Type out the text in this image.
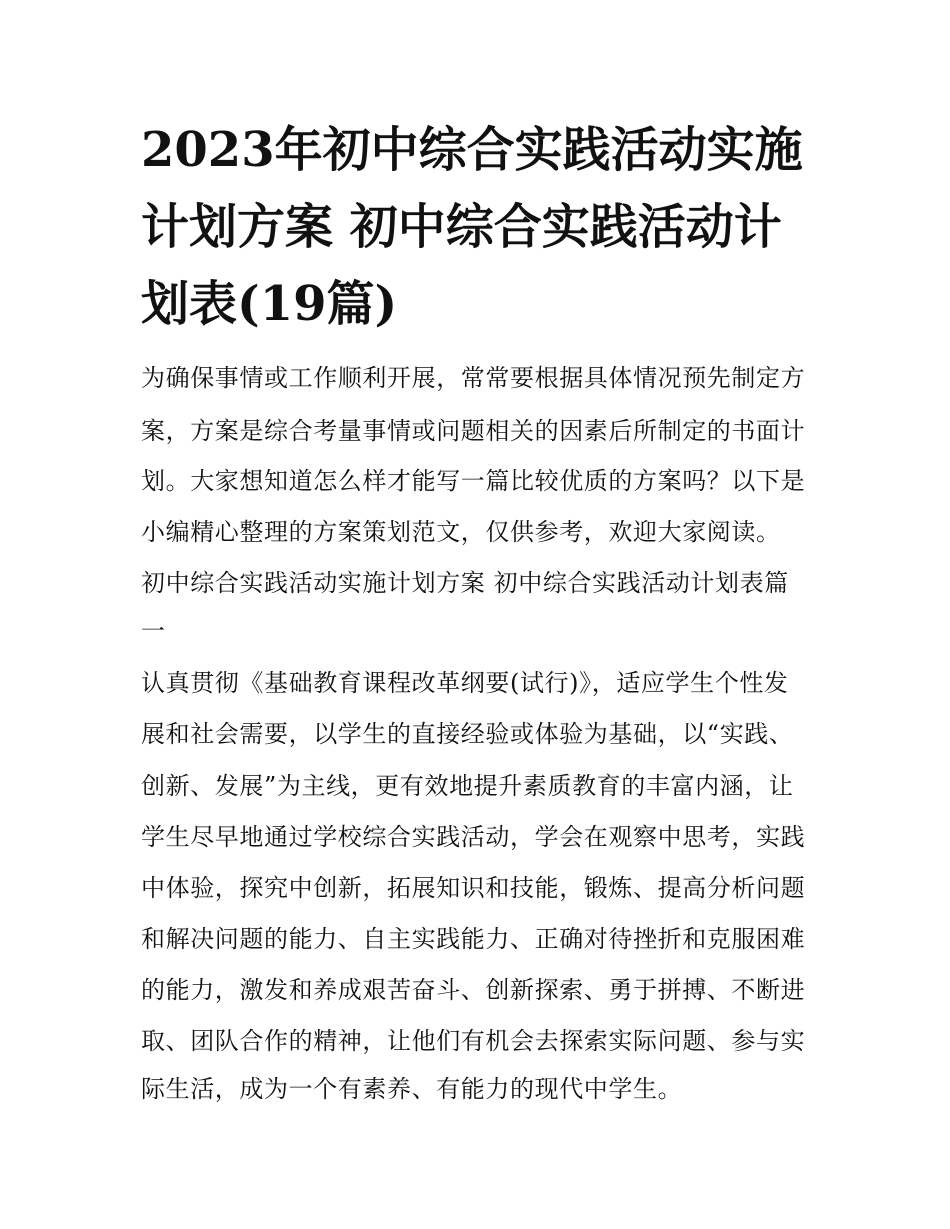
2023年初中综合实践活动实施
计划方案 初中综合实践活动计
划表(19篇)

为确保事情或工作顺利开展，常常要根据具体情况预先制定方

案，方案是综合考量事情或问题相关的因素后所制定的书面计

划。大家想知道怎么样才能写一篇比较优质的方案吗？以下是

小编精心整理的方案策划范文，仅供参考，欢迎大家阅读。

初中综合实践活动实施计划方案 初中综合实践活动计划表篇

一

认真贯彻《基础教育课程改革纲要(试行)》，适应学生个性发

展和社会需要，以学生的直接经验或体验为基础，以“实践、

创新、发展”为主线，更有效地提升素质教育的丰富内涵，让

学生尽早地通过学校综合实践活动，学会在观察中思考，实践

中体验，探究中创新，拓展知识和技能，锻炼、提高分析问题

和解决问题的能力、自主实践能力、正确对待挫折和克服困难

的能力，激发和养成艰苦奋斗、创新探索、勇于拼搏、不断进

取、团队合作的精神，让他们有机会去探索实际问题、参与实

际生活，成为一个有素养、有能力的现代中学生。
